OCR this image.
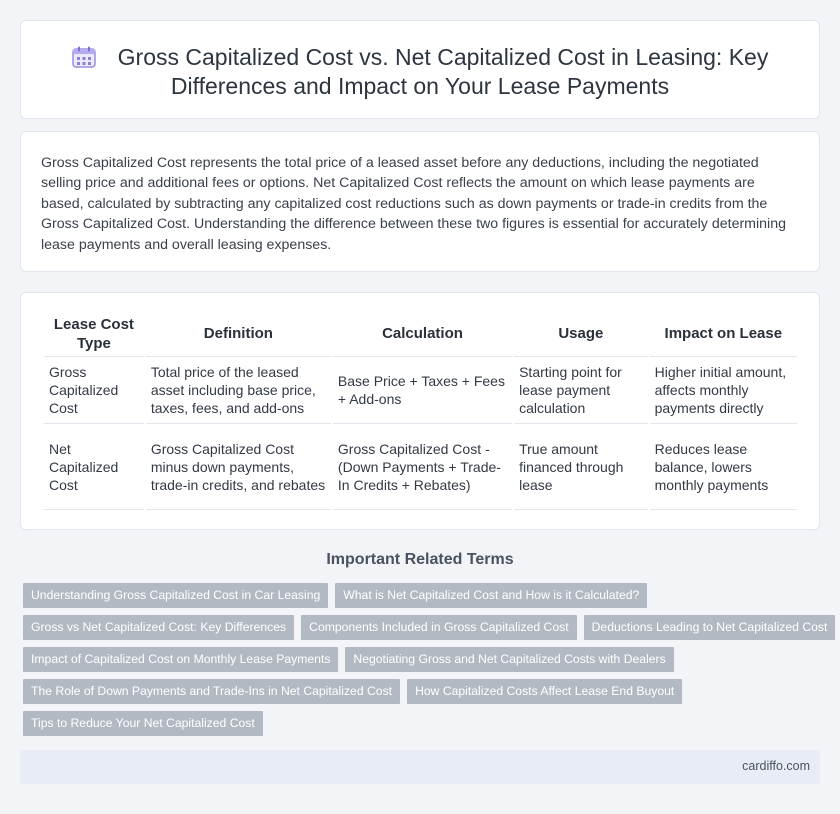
Gross Capitalized Cost vs. Net Capitalized Cost in Leasing: Key Differences and Impact on Your Lease Payments

Gross Capitalized Cost represents the total price of a leased asset before any deductions, including the negotiated selling price and additional fees or options. Net Capitalized Cost reflects the amount on which lease payments are based, calculated by subtracting any capitalized cost reductions such as down payments or trade-in credits from the Gross Capitalized Cost. Understanding the difference between these two figures is essential for accurately determining lease payments and overall leasing expenses.

Lease Cost Type	Definition	Calculation	Usage	Impact on Lease
Gross Capitalized Cost	Total price of the leased asset including base price, taxes, fees, and add-ons	Base Price + Taxes + Fees + Add-ons	Starting point for lease payment calculation	Higher initial amount, affects monthly payments directly
Net Capitalized Cost	Gross Capitalized Cost minus down payments, trade-in credits, and rebates	Gross Capitalized Cost - (Down Payments + Trade-In Credits + Rebates)	True amount financed through lease	Reduces lease balance, lowers monthly payments
Important Related Terms
Understanding Gross Capitalized Cost in Car Leasing	What is Net Capitalized Cost and How is it Calculated?
Gross vs Net Capitalized Cost: Key Differences	Components Included in Gross Capitalized Cost	Deductions Leading to Net Capitalized Cost
Impact of Capitalized Cost on Monthly Lease Payments	Negotiating Gross and Net Capitalized Costs with Dealers
The Role of Down Payments and Trade-Ins in Net Capitalized Cost	How Capitalized Costs Affect Lease End Buyout
Tips to Reduce Your Net Capitalized Cost
cardiffo.com
